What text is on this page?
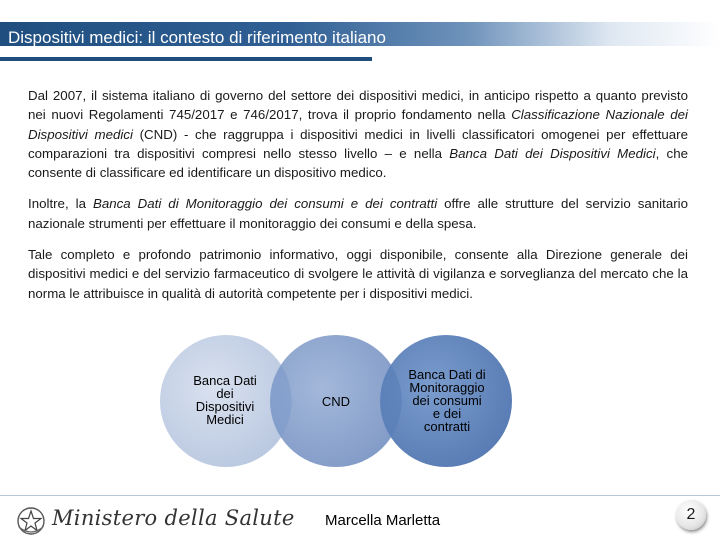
Dispositivi medici: il contesto di riferimento italiano

Dal 2007, il sistema italiano di governo del settore dei dispositivi medici, in anticipo rispetto a quanto previsto nei nuovi Regolamenti 745/2017 e 746/2017, trova il proprio fondamento nella Classificazione Nazionale dei Dispositivi medici (CND) - che raggruppa i dispositivi medici in livelli classificatori omogenei per effettuare comparazioni tra dispositivi compresi nello stesso livello – e nella Banca Dati dei Dispositivi Medici, che consente di classificare ed identificare un dispositivo medico.

Inoltre, la Banca Dati di Monitoraggio dei consumi e dei contratti offre alle strutture del servizio sanitario nazionale strumenti per effettuare il monitoraggio dei consumi e della spesa.

Tale completo e profondo patrimonio informativo, oggi disponibile, consente alla Direzione generale dei dispositivi medici e del servizio farmaceutico di svolgere le attività di vigilanza e sorveglianza del mercato che la norma le attribuisce in qualità di autorità competente per i dispositivi medici.

Banca Dati
dei
Dispositivi
Medici
CND
Banca Dati di
Monitoraggio
dei consumi
e dei
contratti
Ministero della Salute Marcella Marletta	2
